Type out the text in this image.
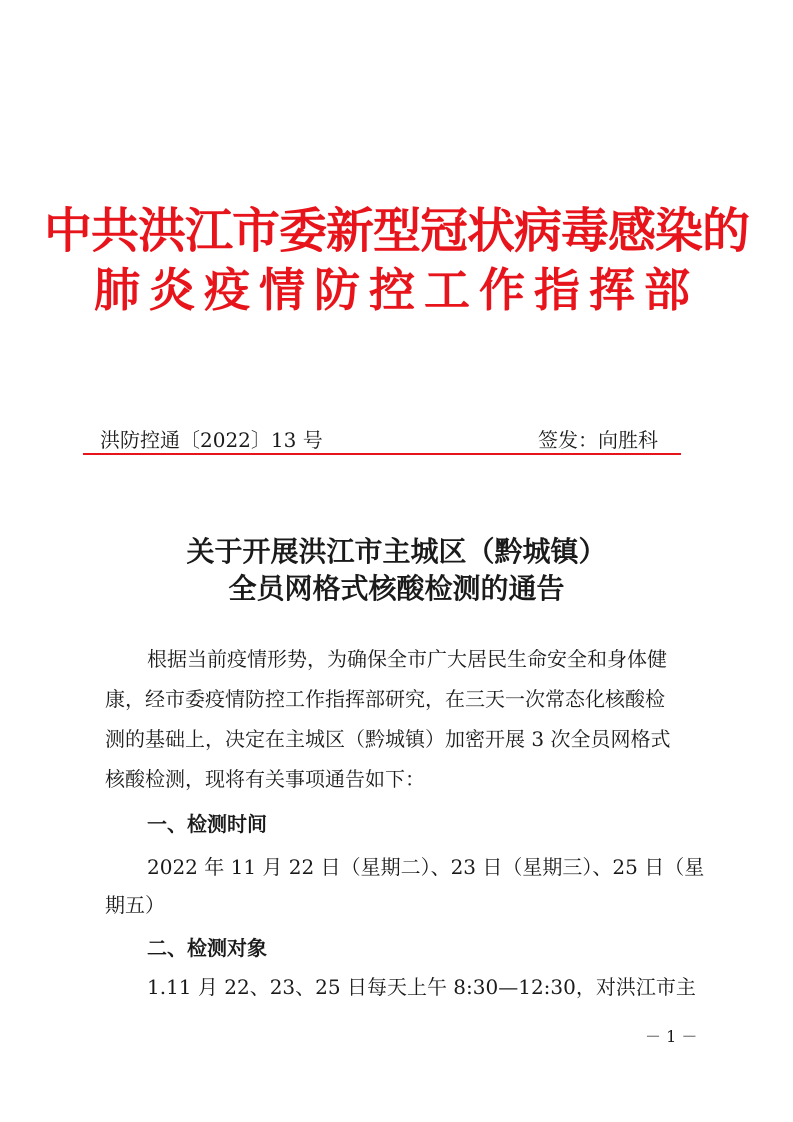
中共洪江市委新型冠状病毒感染的
肺炎疫情防控工作指挥部
洪防控通〔2022〕13 号	签发：向胜科
关于开展洪江市主城区（黔城镇）
全员网格式核酸检测的通告
根据当前疫情形势，为确保全市广大居民生命安全和身体健
康，经市委疫情防控工作指挥部研究，在三天一次常态化核酸检
测的基础上，决定在主城区（黔城镇）加密开展 3 次全员网格式
核酸检测，现将有关事项通告如下：
一、检测时间
2022 年 11 月 22 日（星期二）、23 日（星期三）、25 日（星
期五）
二、检测对象
1.11 月 22、23、25 日每天上午 8:30—12:30，对洪江市主
－ 1 －
